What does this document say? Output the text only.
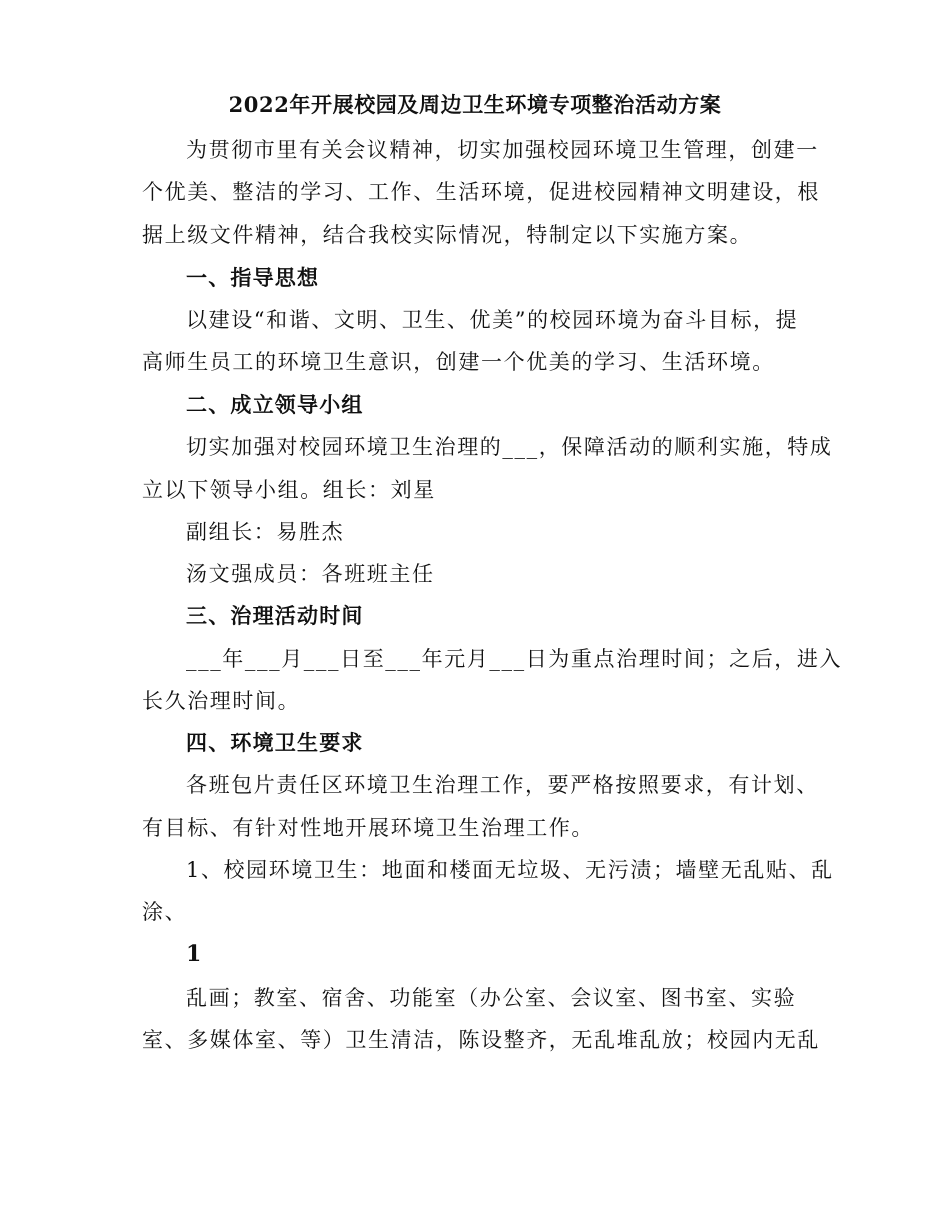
2022年开展校园及周边卫生环境专项整治活动方案
为贯彻市里有关会议精神，切实加强校园环境卫生管理，创建一
个优美、整洁的学习、工作、生活环境，促进校园精神文明建设，根
据上级文件精神，结合我校实际情况，特制定以下实施方案。
一、指导思想
以建设“和谐、文明、卫生、优美”的校园环境为奋斗目标，提
高师生员工的环境卫生意识，创建一个优美的学习、生活环境。
二、成立领导小组
切实加强对校园环境卫生治理的___，保障活动的顺利实施，特成
立以下领导小组。组长：刘星
副组长：易胜杰
汤文强成员：各班班主任
三、治理活动时间
___年___月___日至___年元月___日为重点治理时间；之后，进入
长久治理时间。
四、环境卫生要求
各班包片责任区环境卫生治理工作，要严格按照要求，有计划、
有目标、有针对性地开展环境卫生治理工作。
1、校园环境卫生：地面和楼面无垃圾、无污渍；墙壁无乱贴、乱
涂、
1
乱画；教室、宿舍、功能室（办公室、会议室、图书室、实验
室、多媒体室、等）卫生清洁，陈设整齐，无乱堆乱放；校园内无乱
